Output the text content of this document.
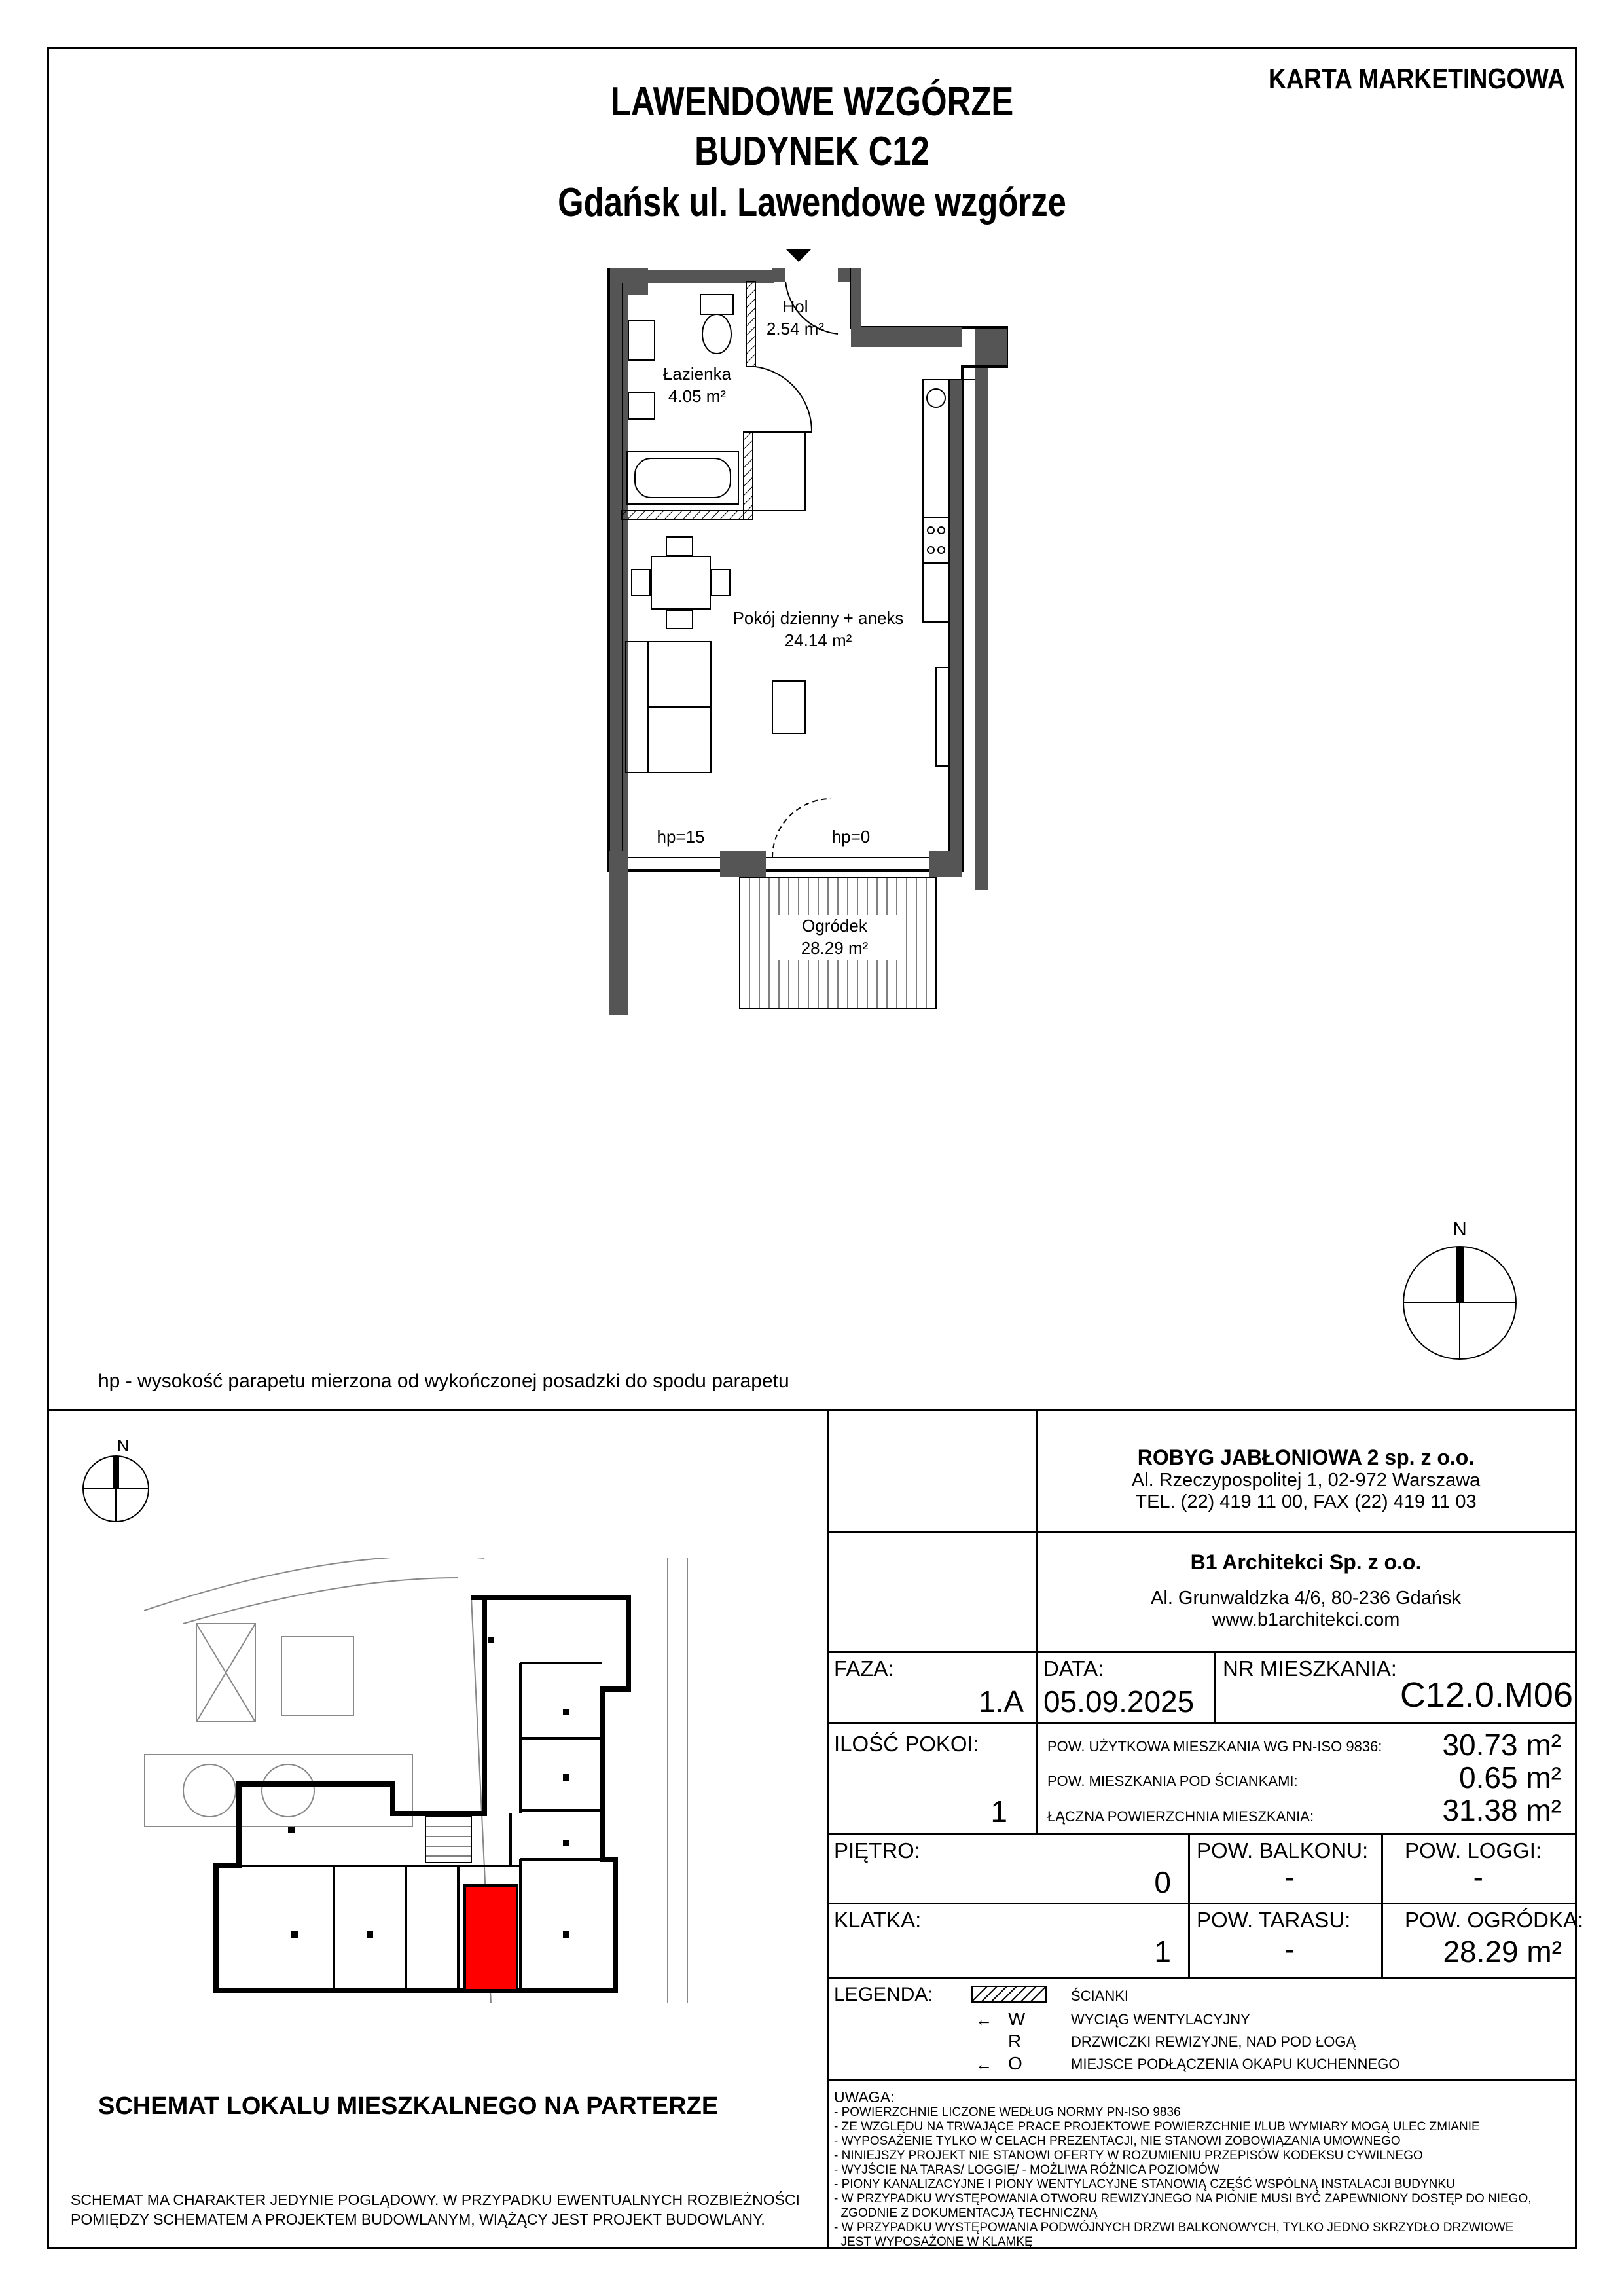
KARTA MARKETINGOWA
LAWENDOWE WZGÓRZE
BUDYNEK C12
Gdańsk ul. Lawendowe wzgórze
Hol
2.54 m²
Łazienka
4.05 m²
Pokój dzienny + aneks
24.14 m²
Ogródek
28.29 m²
hp=15	hp=0
N
hp - wysokość parapetu mierzona od wykończonej posadzki do spodu parapetu
N
SCHEMAT LOKALU MIESZKALNEGO NA PARTERZE
SCHEMAT MA CHARAKTER JEDYNIE POGLĄDOWY. W PRZYPADKU EWENTUALNYCH ROZBIEŻNOŚCI
POMIĘDZY SCHEMATEM A PROJEKTEM BUDOWLANYM, WIĄŻĄCY JEST PROJEKT BUDOWLANY.
ROBYG JABŁONIOWA 2 sp. z o.o.
Al. Rzeczypospolitej 1, 02-972 Warszawa
TEL. (22) 419 11 00, FAX (22) 419 11 03
B1 Architekci Sp. z o.o.
Al. Grunwaldzka 4/6, 80-236 Gdańsk
www.b1architekci.com
FAZA:
1.A
DATA:
05.09.2025
NR MIESZKANIA:
C12.0.M06
ILOŚĆ POKOI:
1
POW. UŻYTKOWA MIESZKANIA WG PN-ISO 9836:	30.73 m²
POW. MIESZKANIA POD ŚCIANKAMI:	0.65 m²
ŁĄCZNA POWIERZCHNIA MIESZKANIA:	31.38 m²
PIĘTRO:
0
POW. BALKONU:
-
POW. LOGGI:
-
KLATKA:
1
POW. TARASU:
-
POW. OGRÓDKA:
28.29 m²
LEGENDA:	ŚCIANKI
← W	WYCIĄG WENTYLACYJNY
R	DRZWICZKI REWIZYJNE, NAD POD ŁOGĄ
← O	MIEJSCE PODŁĄCZENIA OKAPU KUCHENNEGO
UWAGA:
- POWIERZCHNIE LICZONE WEDŁUG NORMY PN-ISO 9836
- ZE WZGLĘDU NA TRWAJĄCE PRACE PROJEKTOWE POWIERZCHNIE I/LUB WYMIARY MOGĄ ULEC ZMIANIE
- WYPOSAŻENIE TYLKO W CELACH PREZENTACJI, NIE STANOWI ZOBOWIĄZANIA UMOWNEGO
- NINIEJSZY PROJEKT NIE STANOWI OFERTY W ROZUMIENIU PRZEPISÓW KODEKSU CYWILNEGO
- WYJŚCIE NA TARAS/ LOGGIĘ/ - MOŻLIWA RÓŻNICA POZIOMÓW
- PIONY KANALIZACYJNE I PIONY WENTYLACYJNE STANOWIĄ CZĘŚĆ WSPÓLNĄ INSTALACJI BUDYNKU
- W PRZYPADKU WYSTĘPOWANIA OTWORU REWIZYJNEGO NA PIONIE MUSI BYĆ ZAPEWNIONY DOSTĘP DO NIEGO,
ZGODNIE Z DOKUMENTACJĄ TECHNICZNĄ
- W PRZYPADKU WYSTĘPOWANIA PODWÓJNYCH DRZWI BALKONOWYCH, TYLKO JEDNO SKRZYDŁO DRZWIOWE
JEST WYPOSAŻONE W KLAMKĘ
